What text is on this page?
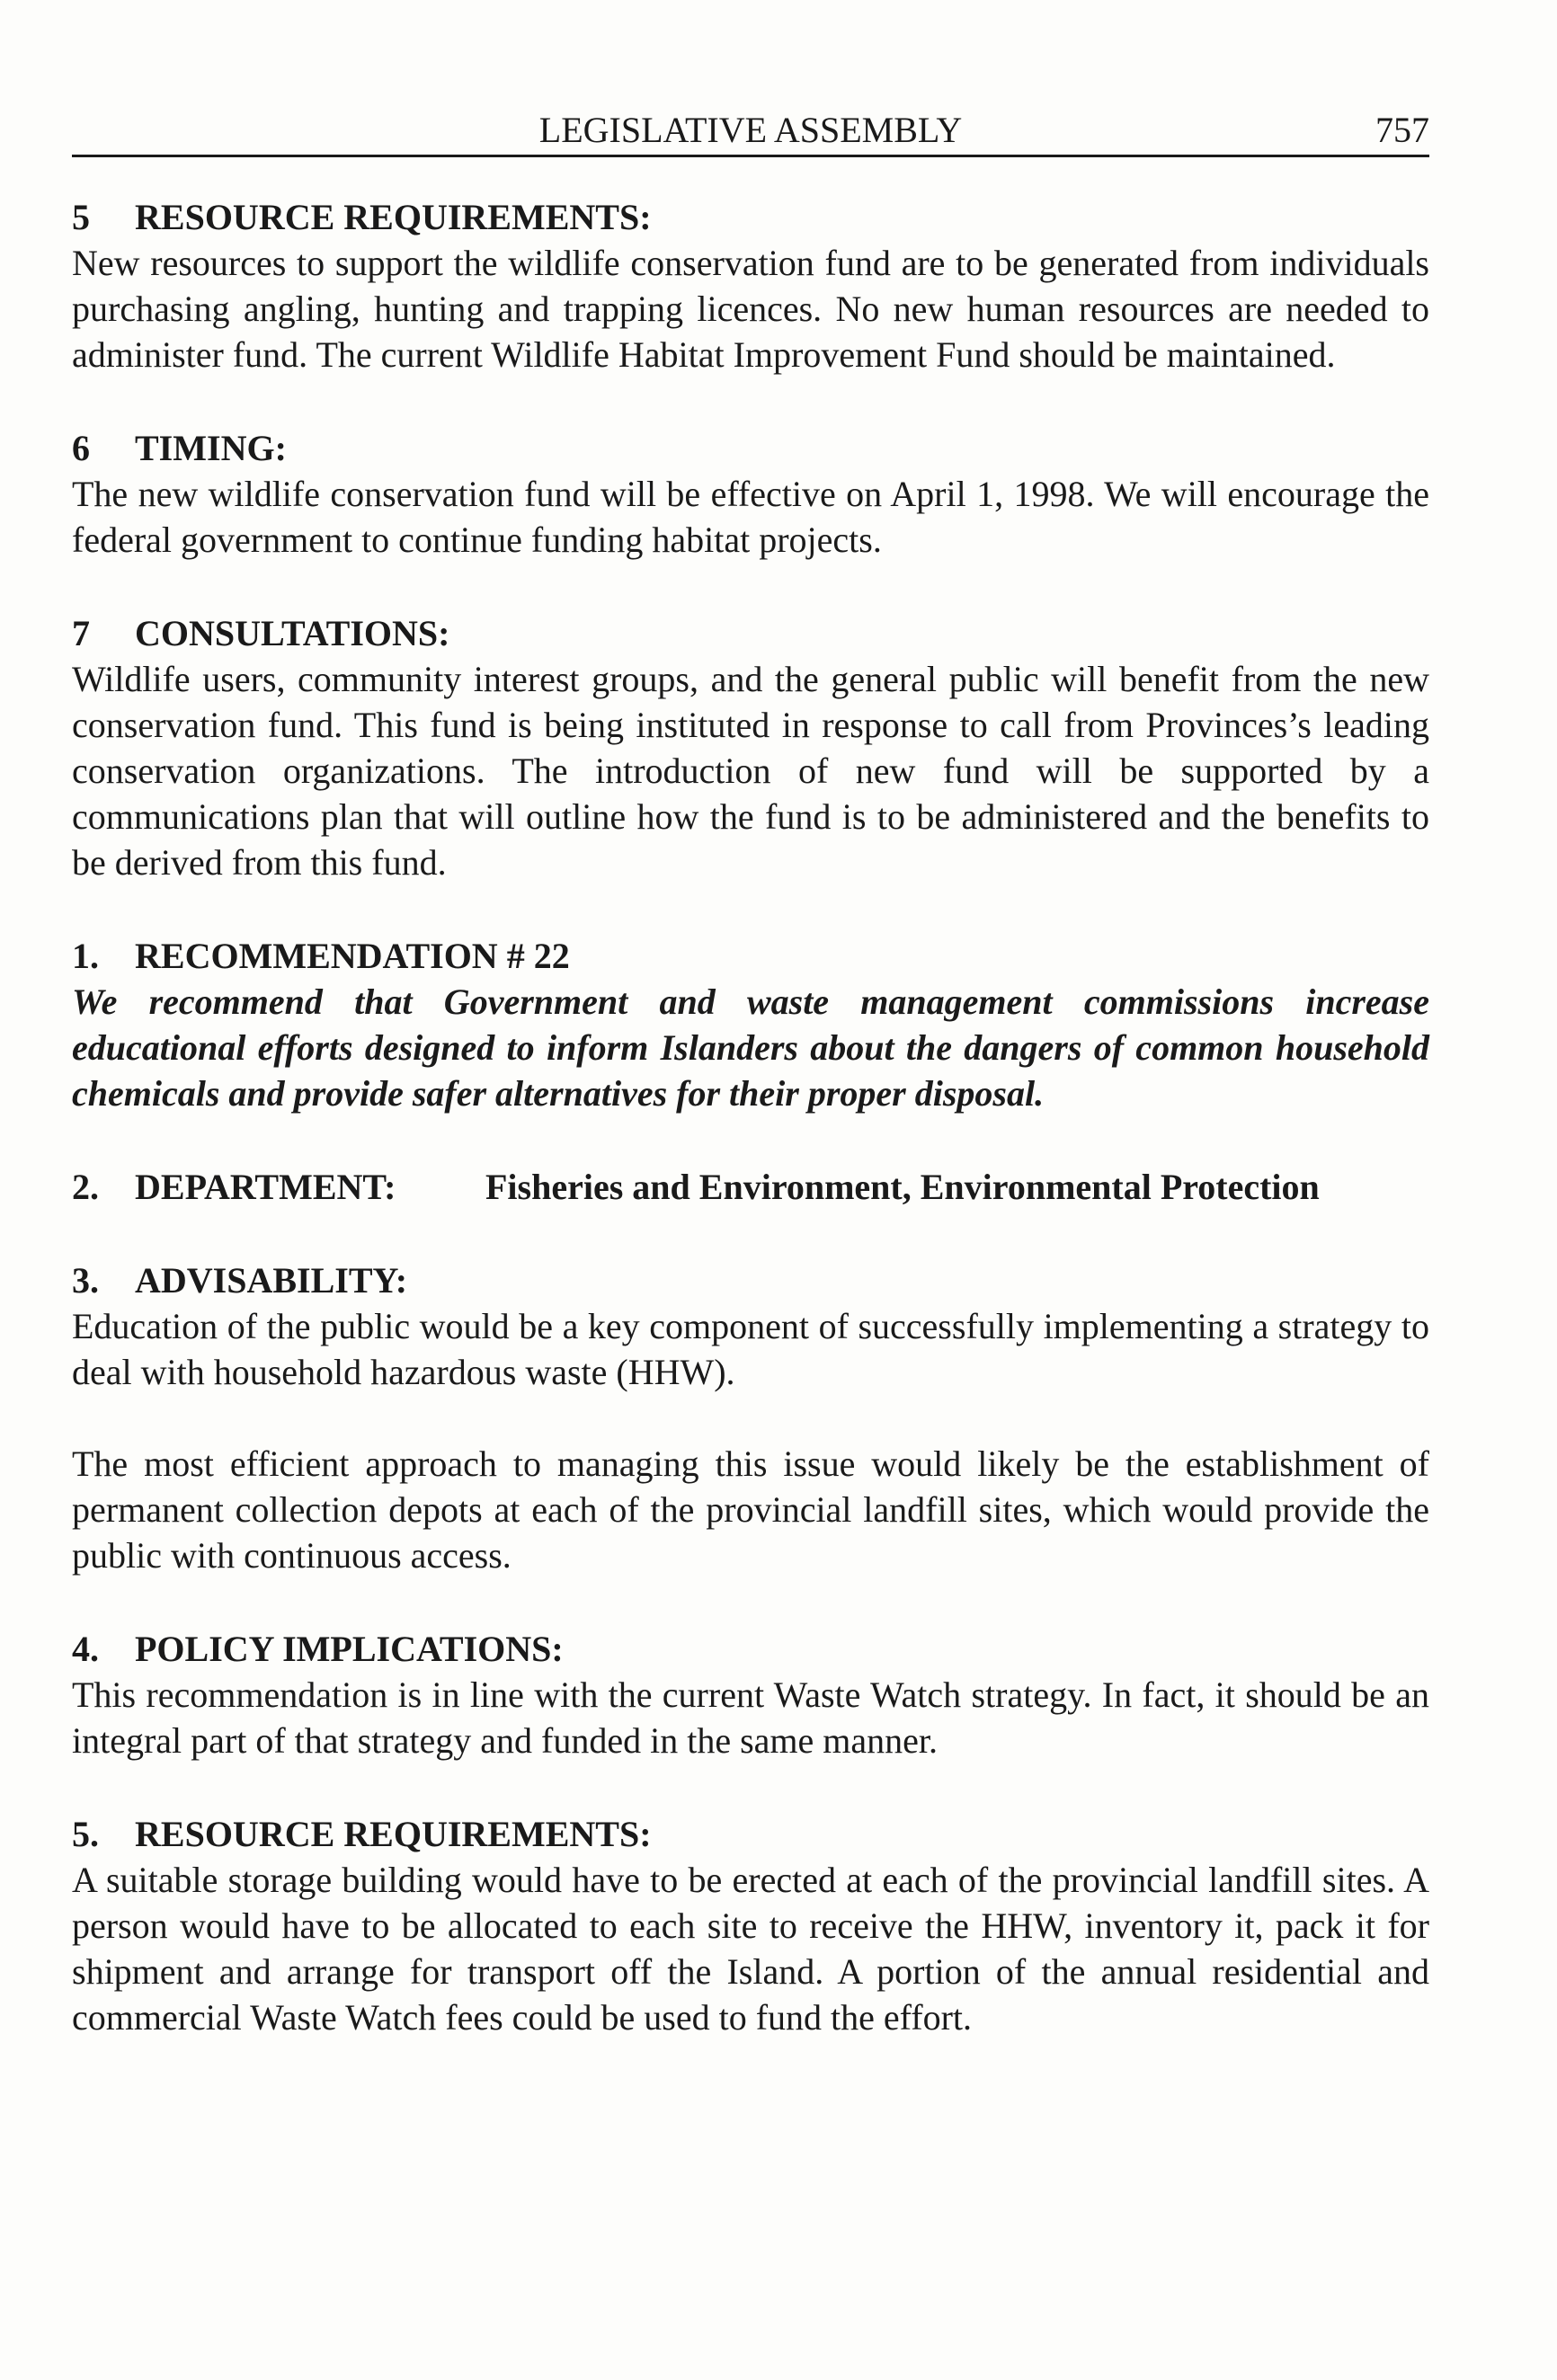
LEGISLATIVE ASSEMBLY	757

5 RESOURCE REQUIREMENTS:

New resources to support the wildlife conservation fund are to be generated from individuals purchasing angling, hunting and trapping licences. No new human resources are needed to administer fund. The current Wildlife Habitat Improvement Fund should be maintained.

6 TIMING:

The new wildlife conservation fund will be effective on April 1, 1998. We will encourage the federal government to continue funding habitat projects.

7 CONSULTATIONS:

Wildlife users, community interest groups, and the general public will benefit from the new conservation fund. This fund is being instituted in response to call from Provinces’s leading conservation organizations. The introduction of new fund will be supported by a communications plan that will outline how the fund is to be administered and the benefits to be derived from this fund.

1. RECOMMENDATION # 22

We recommend that Government and waste management commissions increase educational efforts designed to inform Islanders about the dangers of common household chemicals and provide safer alternatives for their proper disposal.

2. DEPARTMENT: Fisheries and Environment, Environmental Protection

3. ADVISABILITY:

Education of the public would be a key component of successfully implementing a strategy to deal with household hazardous waste (HHW).

The most efficient approach to managing this issue would likely be the establishment of permanent collection depots at each of the provincial landfill sites, which would provide the public with continuous access.

4. POLICY IMPLICATIONS:

This recommendation is in line with the current Waste Watch strategy. In fact, it should be an integral part of that strategy and funded in the same manner.

5. RESOURCE REQUIREMENTS:

A suitable storage building would have to be erected at each of the provincial landfill sites. A person would have to be allocated to each site to receive the HHW, inventory it, pack it for shipment and arrange for transport off the Island. A portion of the annual residential and commercial Waste Watch fees could be used to fund the effort.
